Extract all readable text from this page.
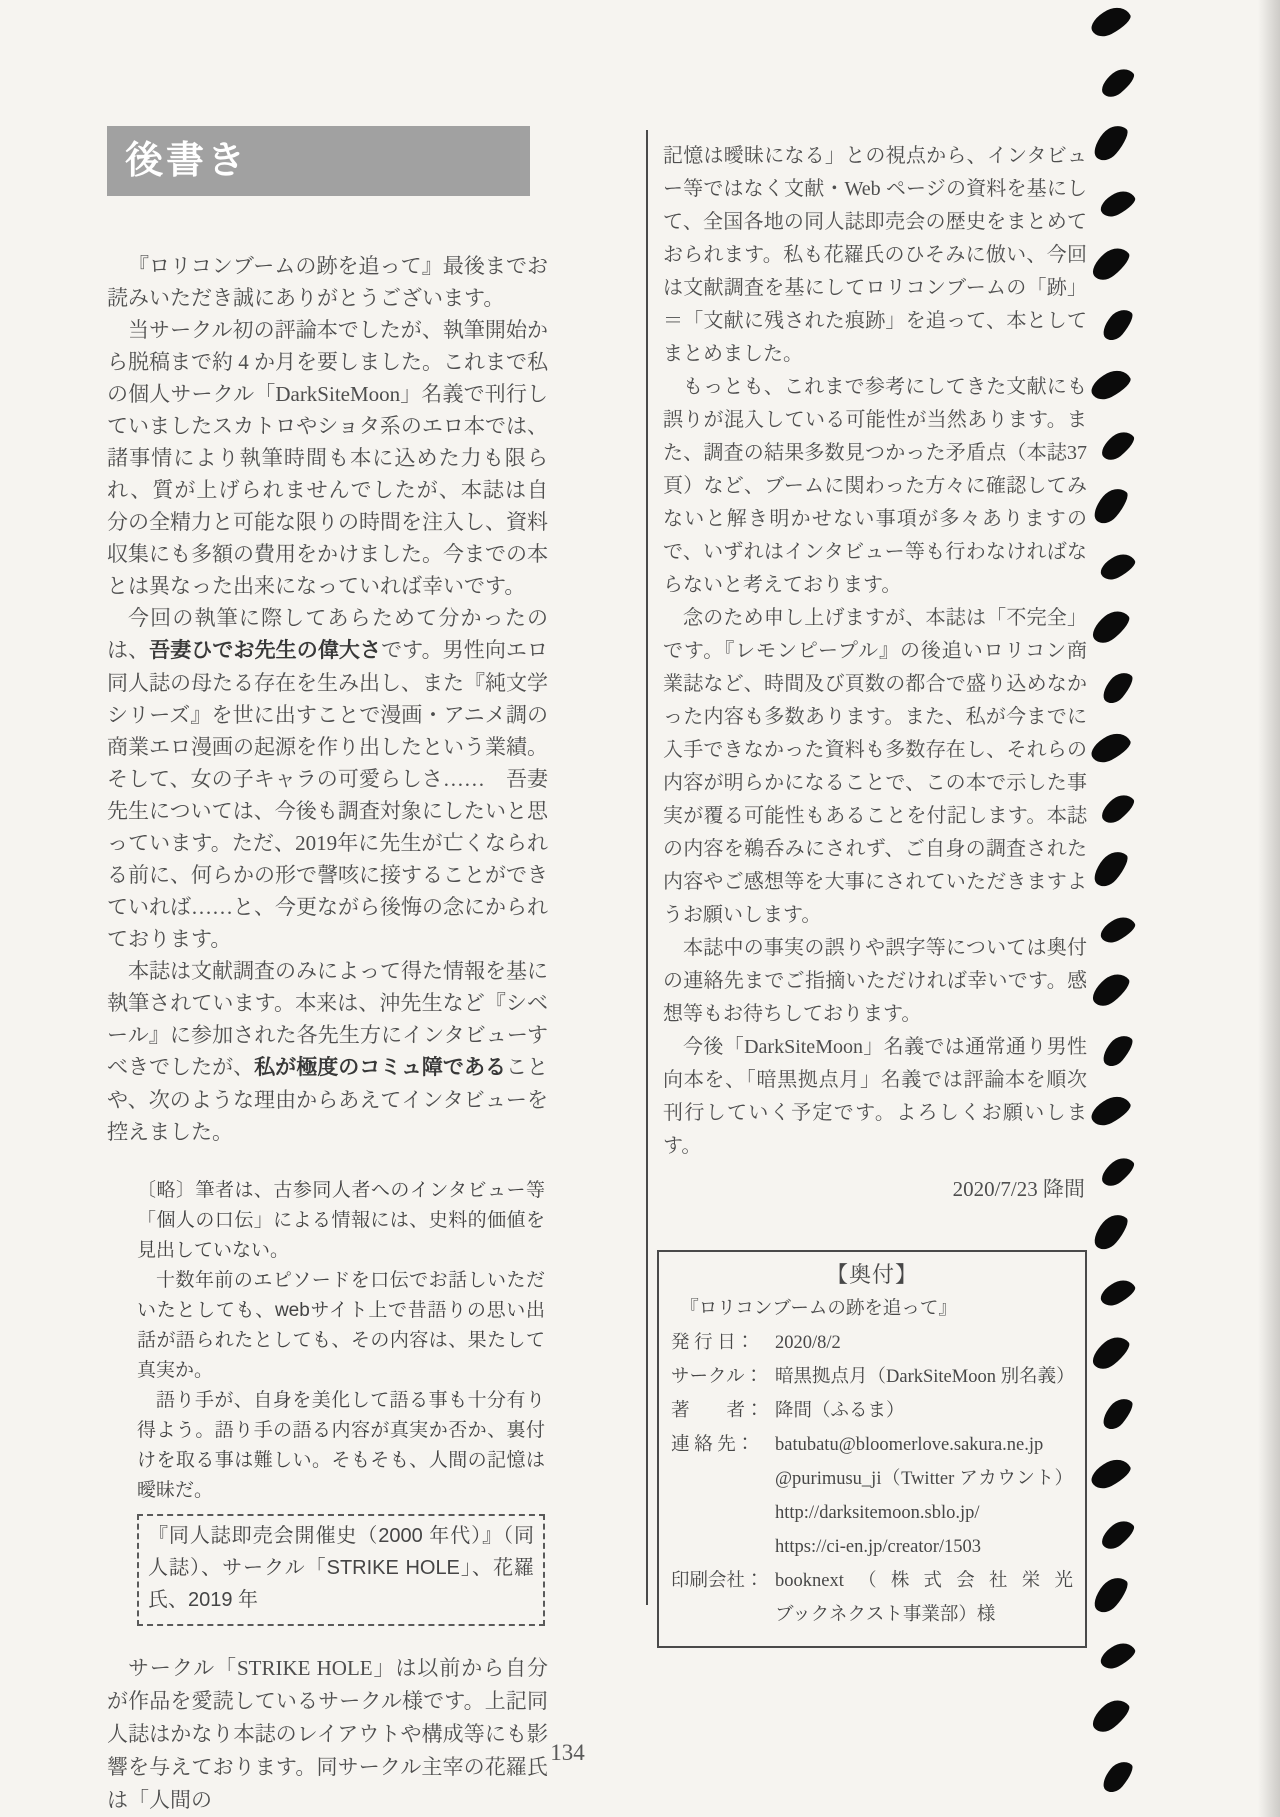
後書き

『ロリコンブームの跡を追って』最後までお読みいただき誠にありがとうございます。

当サークル初の評論本でしたが、執筆開始から脱稿まで約 4 か月を要しました。これまで私の個人サークル「DarkSiteMoon」名義で刊行していましたスカトロやショタ系のエロ本では、諸事情により執筆時間も本に込めた力も限られ、質が上げられませんでしたが、本誌は自分の全精力と可能な限りの時間を注入し、資料収集にも多額の費用をかけました。今までの本とは異なった出来になっていれば幸いです。

今回の執筆に際してあらためて分かったのは、吾妻ひでお先生の偉大さです。男性向エロ同人誌の母たる存在を生み出し、また『純文学シリーズ』を世に出すことで漫画・アニメ調の商業エロ漫画の起源を作り出したという業績。そして、女の子キャラの可愛らしさ……　吾妻先生については、今後も調査対象にしたいと思っています。ただ、2019年に先生が亡くなられる前に、何らかの形で謦咳に接することができていれば……と、今更ながら後悔の念にかられております。

本誌は文献調査のみによって得た情報を基に執筆されています。本来は、沖先生など『シベール』に参加された各先生方にインタビューすべきでしたが、私が極度のコミュ障であることや、次のような理由からあえてインタビューを控えました。

〔略〕筆者は、古参同人者へのインタビュー等「個人の口伝」による情報には、史料的価値を見出していない。

十数年前のエピソードを口伝でお話しいただいたとしても、webサイト上で昔語りの思い出話が語られたとしても、その内容は、果たして真実か。

語り手が、自身を美化して語る事も十分有り得よう。語り手の語る内容が真実か否か、裏付けを取る事は難しい。そもそも、人間の記憶は曖昧だ。

『同人誌即売会開催史（2000 年代）』（同人誌）、サークル「STRIKE HOLE」、花羅氏、2019 年

サークル「STRIKE HOLE」は以前から自分が作品を愛読しているサークル様です。上記同人誌はかなり本誌のレイアウトや構成等にも影響を与えております。同サークル主宰の花羅氏は「人間の

記憶は曖昧になる」との視点から、インタビュー等ではなく文献・Web ページの資料を基にして、全国各地の同人誌即売会の歴史をまとめておられます。私も花羅氏のひそみに倣い、今回は文献調査を基にしてロリコンブームの「跡」＝「文献に残された痕跡」を追って、本としてまとめました。

もっとも、これまで参考にしてきた文献にも誤りが混入している可能性が当然あります。また、調査の結果多数見つかった矛盾点（本誌37頁）など、ブームに関わった方々に確認してみないと解き明かせない事項が多々ありますので、いずれはインタビュー等も行わなければならないと考えております。

念のため申し上げますが、本誌は「不完全」です。『レモンピープル』の後追いロリコン商業誌など、時間及び頁数の都合で盛り込めなかった内容も多数あります。また、私が今までに入手できなかった資料も多数存在し、それらの内容が明らかになることで、この本で示した事実が覆る可能性もあることを付記します。本誌の内容を鵜呑みにされず、ご自身の調査された内容やご感想等を大事にされていただきますようお願いします。

本誌中の事実の誤りや誤字等については奥付の連絡先までご指摘いただければ幸いです。感想等もお待ちしております。

今後「DarkSiteMoon」名義では通常通り男性向本を、「暗黒拠点月」名義では評論本を順次刊行していく予定です。よろしくお願いします。

2020/7/23 降間
【奥付】
『ロリコンブームの跡を追って』
発 行 日：	2020/8/2
サークル： 暗黒拠点月（DarkSiteMoon 別名義）
著　　者： 降間（ふるま）
連 絡 先：	batubatu@bloomerlove.sakura.ne.jp @purimusu_ji（Twitter アカウント） http://darksitemoon.sblo.jp/ https://ci-en.jp/creator/1503
印刷会社： booknext（株式会社栄光 ブックネクスト事業部）様
134
